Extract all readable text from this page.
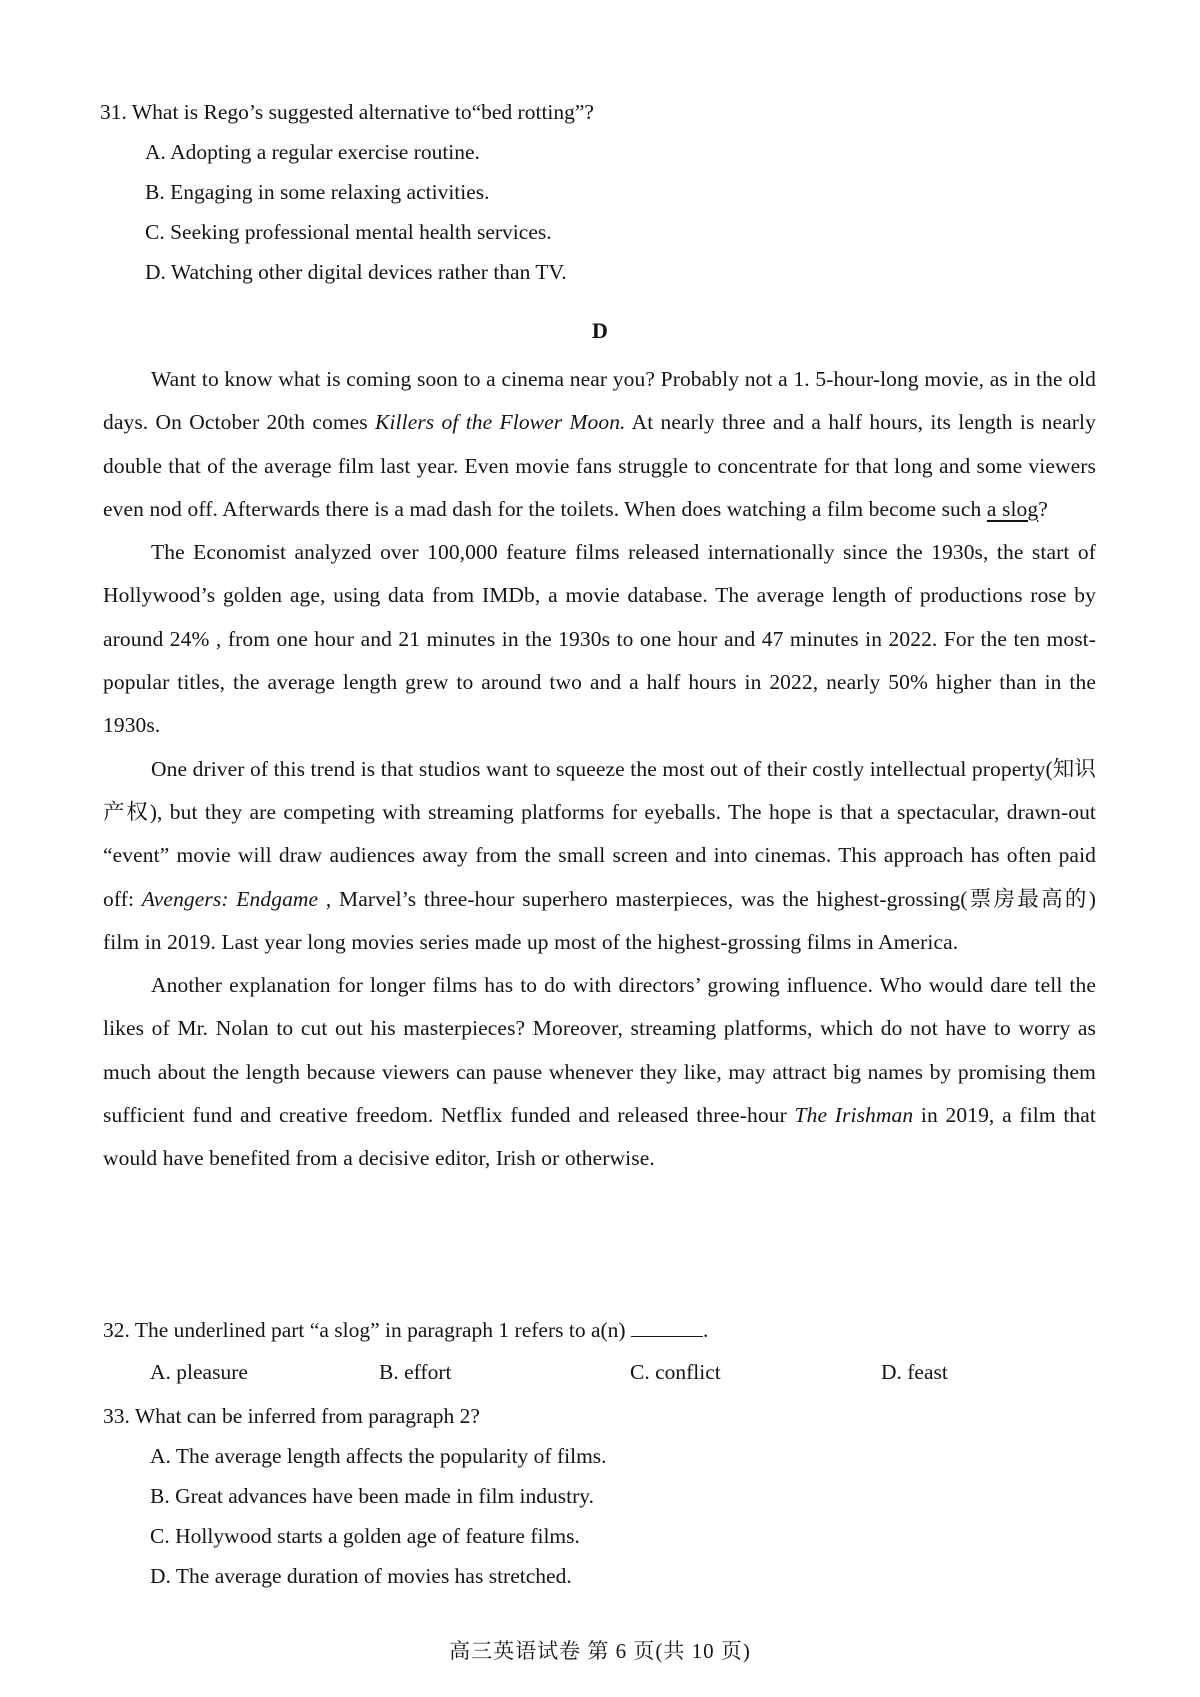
31. What is Rego’s suggested alternative to“bed rotting”?
A. Adopting a regular exercise routine.
B. Engaging in some relaxing activities.
C. Seeking professional mental health services.
D. Watching other digital devices rather than TV.
D

Want to know what is coming soon to a cinema near you? Probably not a 1. 5-hour-long movie, as in the old days. On October 20th comes Killers of the Flower Moon. At nearly three and a half hours, its length is nearly double that of the average film last year. Even movie fans struggle to concentrate for that long and some viewers even nod off. Afterwards there is a mad dash for the toilets. When does watching a film become such a slog?

The Economist analyzed over 100,000 feature films released internationally since the 1930s, the start of Hollywood’s golden age, using data from IMDb, a movie database. The average length of productions rose by around 24% , from one hour and 21 minutes in the 1930s to one hour and 47 minutes in 2022. For the ten most-popular titles, the average length grew to around two and a half hours in 2022, nearly 50% higher than in the 1930s.

One driver of this trend is that studios want to squeeze the most out of their costly intellectual property(知识产权), but they are competing with streaming platforms for eyeballs. The hope is that a spectacular, drawn-out “event” movie will draw audiences away from the small screen and into cinemas. This approach has often paid off: Avengers: Endgame , Marvel’s three-hour superhero masterpieces, was the highest-grossing(票房最高的) film in 2019. Last year long movies series made up most of the highest-grossing films in America.

Another explanation for longer films has to do with directors’ growing influence. Who would dare tell the likes of Mr. Nolan to cut out his masterpieces? Moreover, streaming platforms, which do not have to worry as much about the length because viewers can pause whenever they like, may attract big names by promising them sufficient fund and creative freedom. Netflix funded and released three-hour The Irishman in 2019, a film that would have benefited from a decisive editor, Irish or otherwise.

32. The underlined part “a slog” in paragraph 1 refers to a(n)	.
A. pleasure	B. effort	C. conflict	D. feast
33. What can be inferred from paragraph 2?
A. The average length affects the popularity of films.
B. Great advances have been made in film industry.
C. Hollywood starts a golden age of feature films.
D. The average duration of movies has stretched.
高三英语试卷 第 6 页(共 10 页)
